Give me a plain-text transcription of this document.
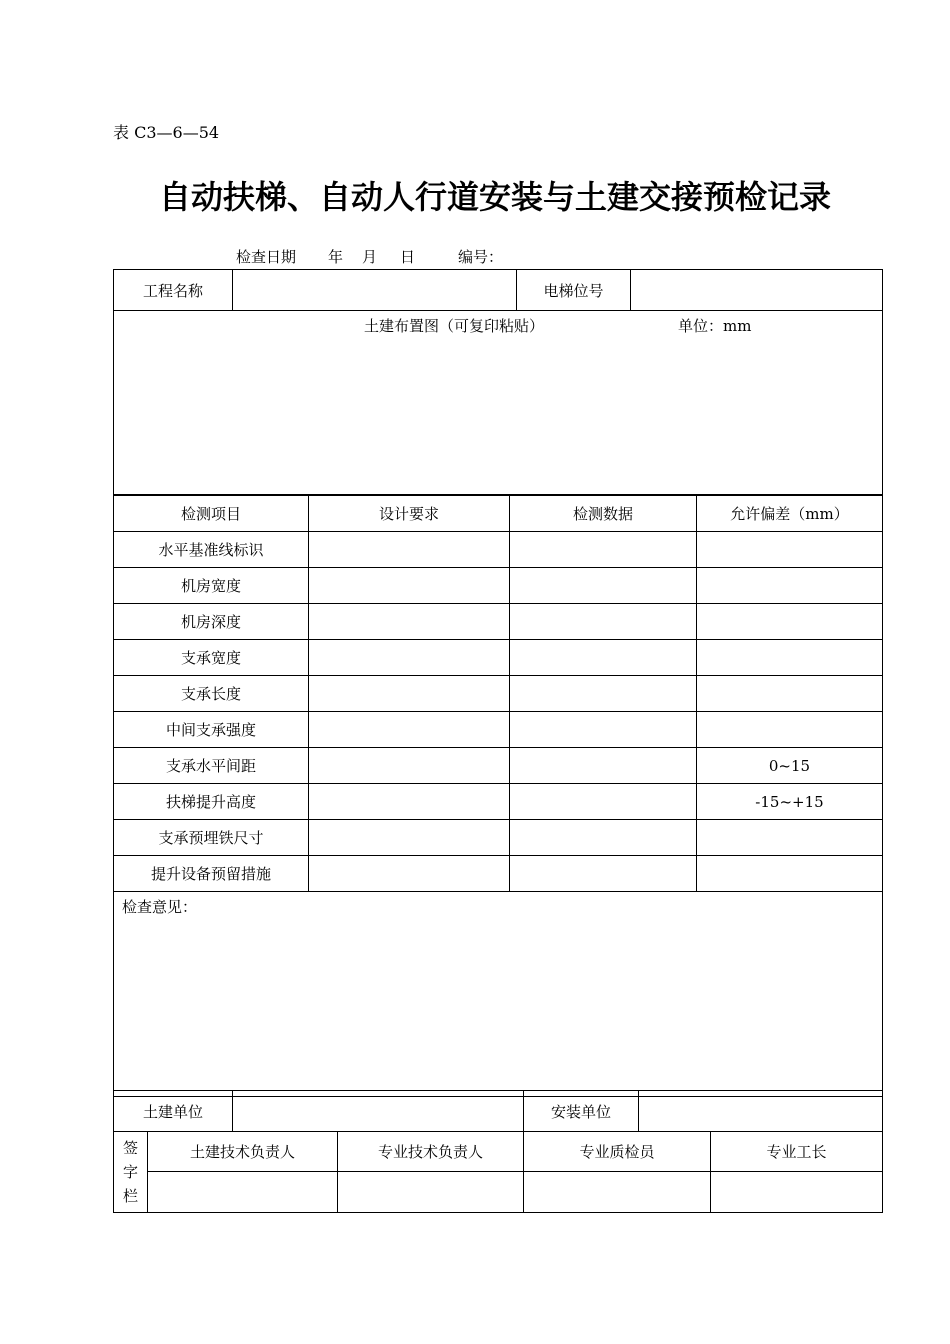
表 C3—6—54
自动扶梯、自动人行道安装与土建交接预检记录
检查日期 年 月 日	编号：
工程名称		电梯位号	

土建布置图（可复印粘贴）	单位：mm
检测项目	设计要求	检测数据	允许偏差（mm）
水平基准线标识			
机房宽度			
机房深度			
支承宽度			
支承长度			
中间支承强度			
支承水平间距			0~15
扶梯提升高度			-15~+15
支承预埋铁尺寸			
提升设备预留措施			
检查意见：			
土建单位				安装单位		

签
字
栏	土建技术负责人		专业技术负责人	专业质检员		专业工长
